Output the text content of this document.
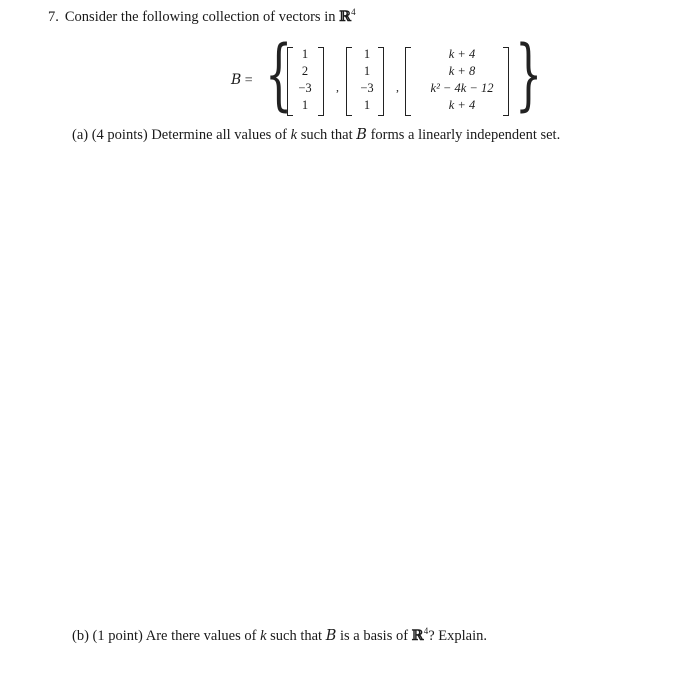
7. Consider the following collection of vectors in ℝ$^4$
B = { 1
2
−3
1
,
1
1
−3
1
,
k + 4
k + 8
k² − 4k − 12
k + 4 }
(a) (4 points) Determine all values of k such that B forms a linearly independent set.
(b) (1 point) Are there values of k such that B is a basis of ℝ$^4$? Explain.
